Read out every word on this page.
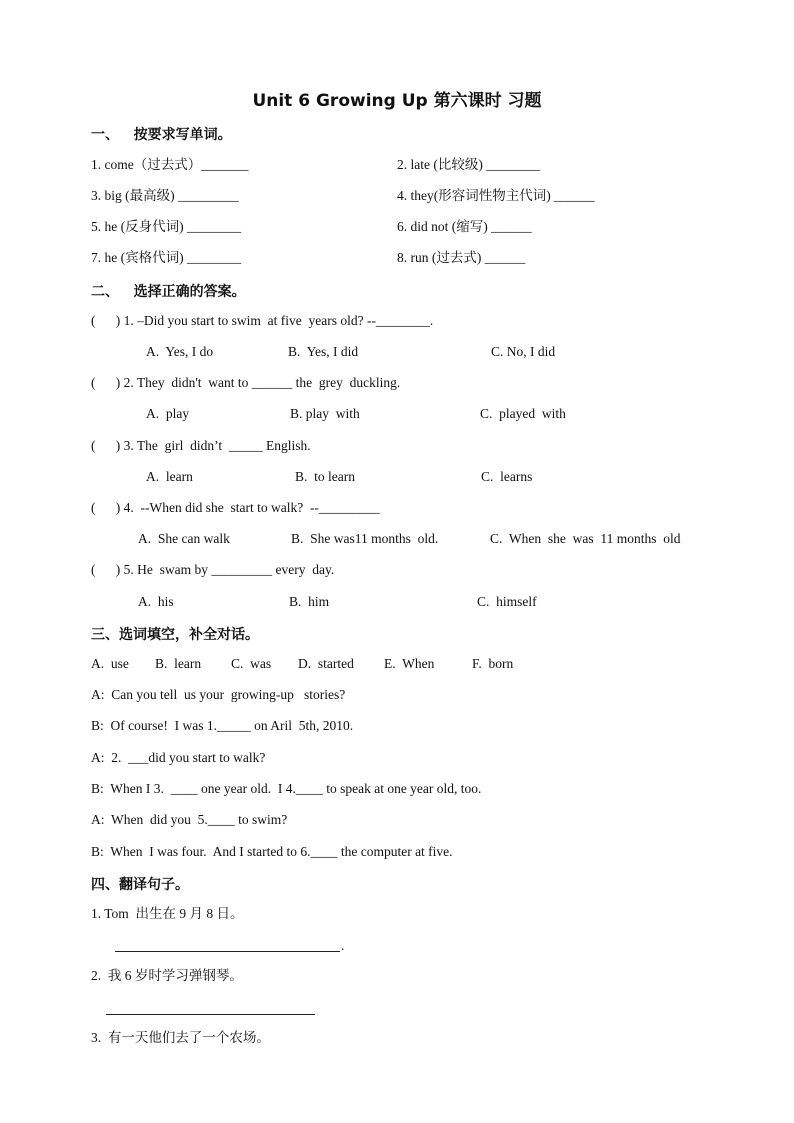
Unit 6 Growing Up 第六课时 习题
一、   按要求写单词。
1. come（过去式）_______	2. late (比较级) ________
3. big (最高级) _________	4. they(形容词性物主代词) ______
5. he (反身代词) ________	6. did not (缩写) ______
7. he (宾格代词) ________	8. run (过去式) ______
二、   选择正确的答案。
(      ) 1. –Did you start to swim  at five  years old? --________.
A.  Yes, I do	B.  Yes, I did	C. No, I did
(      ) 2. They  didn't  want to ______ the  grey  duckling.
A.  play	B. play  with	C.  played  with
(      ) 3. The  girl  didn’t  _____ English.
A.  learn	B.  to learn	C.  learns
(      ) 4.  --When did she  start to walk?  --_________
A.  She can walk	B.  She was11 months  old.	C.  When  she  was  11 months  old
(      ) 5. He  swam by _________ every  day.
A.  his	B.  him	C.  himself
三、选词填空，补全对话。
A.  use B.  learn C.  was D.  started E.  When	F.  born
A:  Can you tell  us your  growing-up   stories?
B:  Of course!  I was 1._____ on Aril  5th, 2010.
A:  2.  ___did you start to walk?
B:  When I 3.  ____ one year old.  I 4.____ to speak at one year old, too.
A:  When  did you  5.____ to swim?
B:  When  I was four.  And I started to 6.____ the computer at five.
四、翻译句子。
1. Tom  出生在 9 月 8 日。
.
2.  我 6 岁时学习弹钢琴。
3.  有一天他们去了一个农场。
